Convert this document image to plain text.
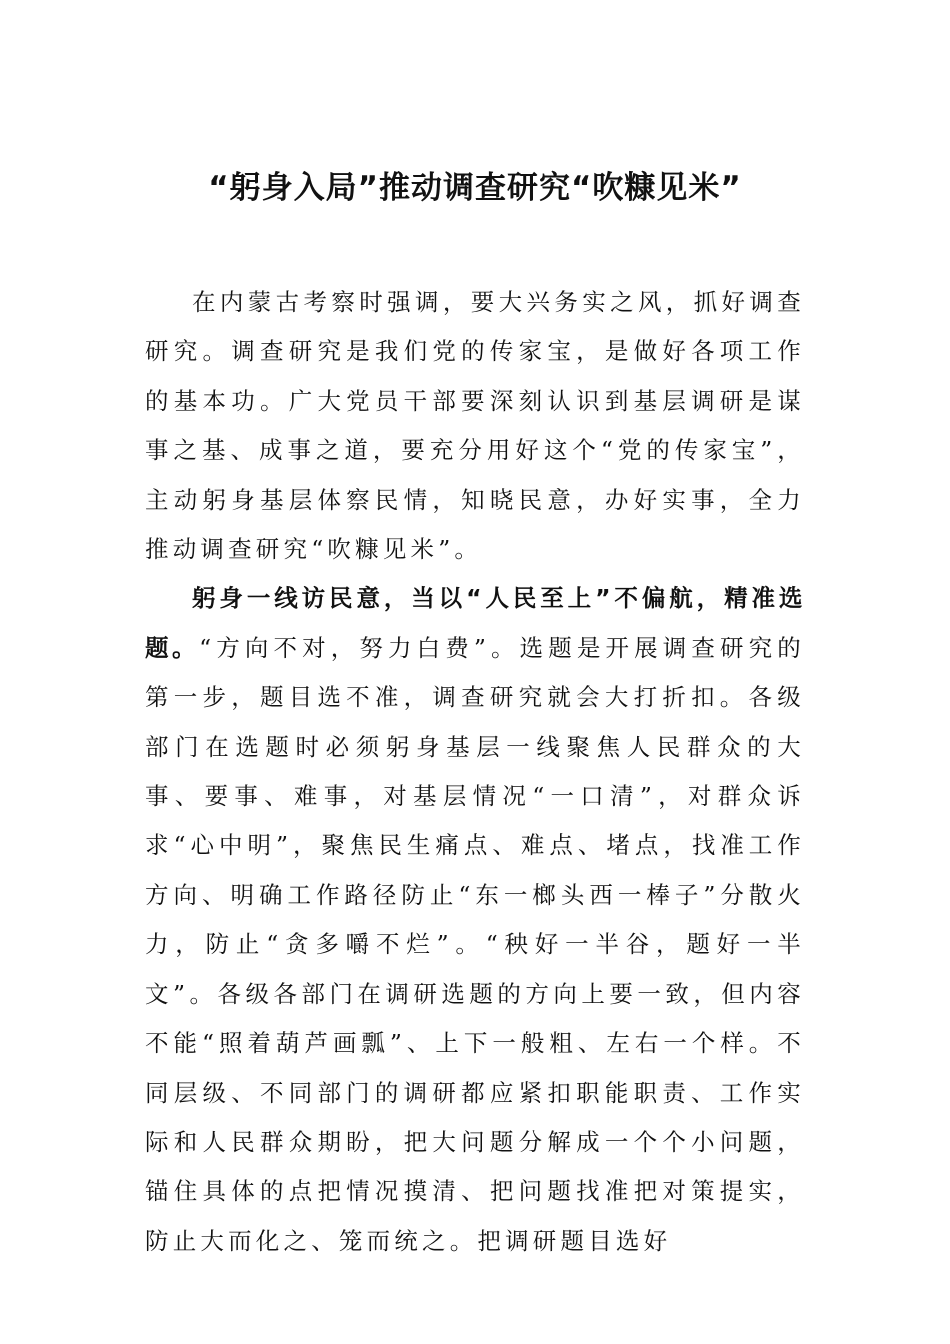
“躬身入局”推动调查研究“吹糠见米”

在内蒙古考察时强调，要大兴务实之风，抓好调查研究。调查研究是我们党的传家宝，是做好各项工作的基本功。广大党员干部要深刻认识到基层调研是谋事之基、成事之道，要充分用好这个“党的传家宝”，主动躬身基层体察民情，知晓民意，办好实事，全力推动调查研究“吹糠见米”。

躬身一线访民意，当以“人民至上”不偏航，精准选题。“方向不对，努力白费”。选题是开展调查研究的第一步，题目选不准，调查研究就会大打折扣。各级部门在选题时必须躬身基层一线聚焦人民群众的大事、要事、难事，对基层情况“一口清”，对群众诉求“心中明”，聚焦民生痛点、难点、堵点，找准工作方向、明确工作路径防止“东一榔头西一棒子”分散火力，防止“贪多嚼不烂”。“秧好一半谷，题好一半文”。各级各部门在调研选题的方向上要一致，但内容不能“照着葫芦画瓢”、上下一般粗、左右一个样。不同层级、不同部门的调研都应紧扣职能职责、工作实际和人民群众期盼，把大问题分解成一个个小问题，锚住具体的点把情况摸清、把问题找准把对策提实，防止大而化之、笼而统之。把调研题目选好
